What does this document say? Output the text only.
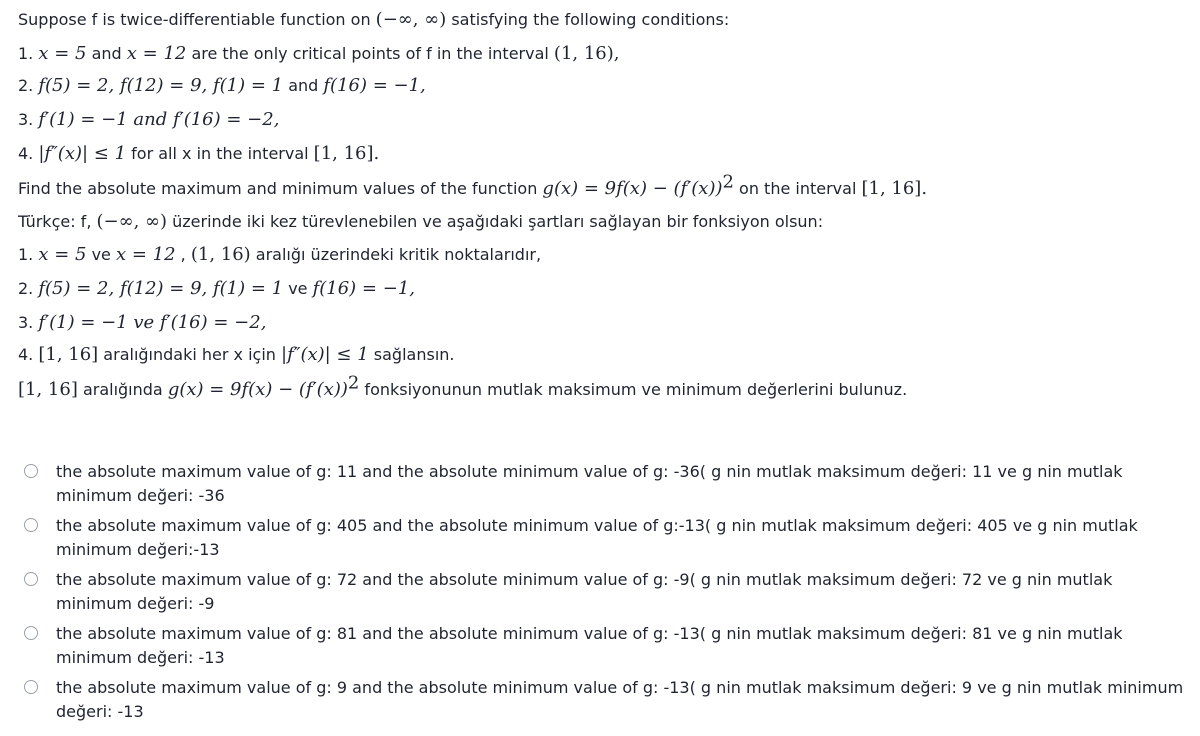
Suppose f is twice-differentiable function on (−∞, ∞) satisfying the following conditions:
1. x = 5 and x = 12 are the only critical points of f in the interval (1, 16),
2. f(5) = 2, f(12) = 9, f(1) = 1 and f(16) = −1,
3. f′(1) = −1 and f′(16) = −2,
4. |f″(x)| ≤ 1 for all x in the interval [1, 16].
Find the absolute maximum and minimum values of the function $g(x) = 9f(x) - (f'(x))^2$ on the interval [1, 16].
Türkçe: f, (−∞, ∞) üzerinde iki kez türevlenebilen ve aşağıdaki şartları sağlayan bir fonksiyon olsun:
1. x = 5 ve x = 12 , (1, 16) aralığı üzerindeki kritik noktalarıdır,
2. f(5) = 2, f(12) = 9, f(1) = 1 ve f(16) = −1,
3. f′(1) = −1 ve f′(16) = −2,
4. [1, 16] aralığındaki her x için |f″(x)| ≤ 1 sağlansın.
[1, 16] aralığında $g(x) = 9f(x) - (f'(x))^2$ fonksiyonunun mutlak maksimum ve minimum değerlerini bulunuz.
the absolute maximum value of g: 11 and the absolute minimum value of g: -36( g nin mutlak maksimum değeri: 11 ve g nin mutlak
minimum değeri: -36
the absolute maximum value of g: 405 and the absolute minimum value of g:-13( g nin mutlak maksimum değeri: 405 ve g nin mutlak
minimum değeri:-13
the absolute maximum value of g: 72 and the absolute minimum value of g: -9( g nin mutlak maksimum değeri: 72 ve g nin mutlak
minimum değeri: -9
the absolute maximum value of g: 81 and the absolute minimum value of g: -13( g nin mutlak maksimum değeri: 81 ve g nin mutlak
minimum değeri: -13
the absolute maximum value of g: 9 and the absolute minimum value of g: -13( g nin mutlak maksimum değeri: 9 ve g nin mutlak minimum
değeri: -13
